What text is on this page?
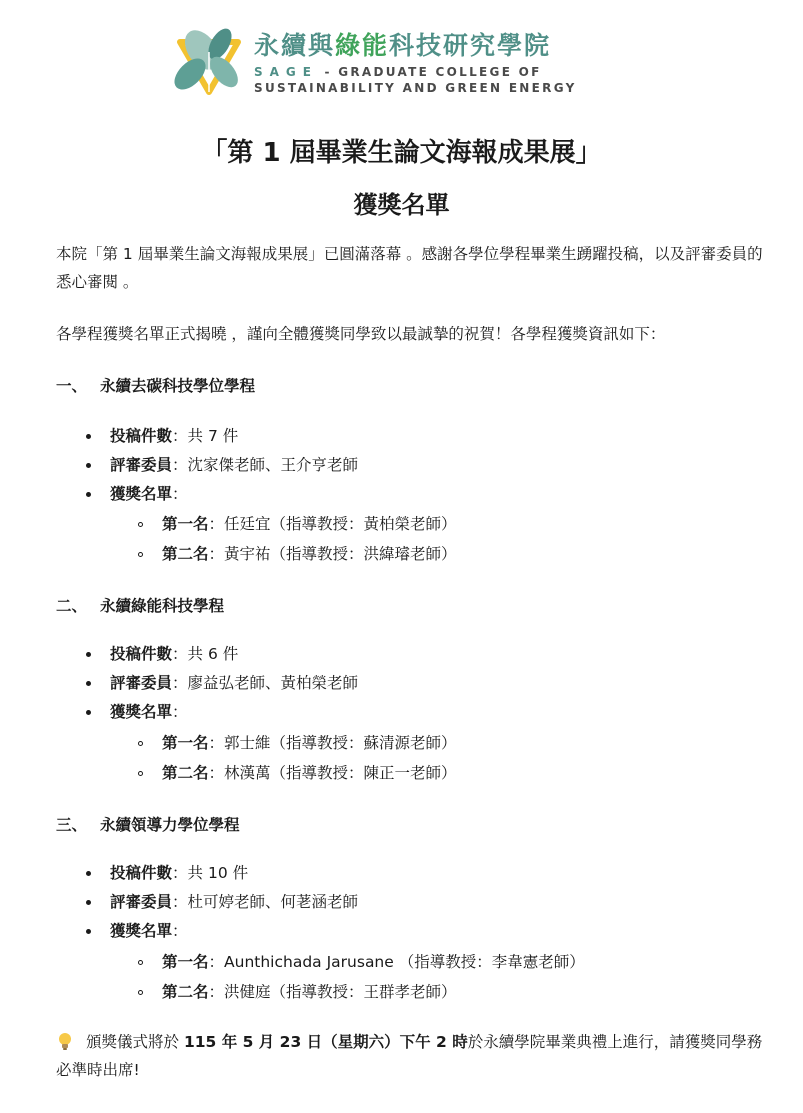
永續與綠能科技研究學院
SAGE - GRADUATE COLLEGE OF
SUSTAINABILITY AND GREEN ENERGY
「第 1 屆畢業生論文海報成果展」
獲獎名單
本院「第 1 屆畢業生論文海報成果展」已圓滿落幕 。感謝各學位學程畢業生踴躍投稿，以及評審委員的悉心審閱 。
各學程獲獎名單正式揭曉 ，謹向全體獲獎同學致以最誠摯的祝賀！各學程獲獎資訊如下：
一、 永續去碳科技學位學程
投稿件數：共 7 件
評審委員：沈家傑老師、王介亨老師
獲獎名單：
第一名：任廷宜（指導教授：黃柏榮老師）
第二名：黃宇祐（指導教授：洪緯璿老師）
二、 永續綠能科技學程
投稿件數：共 6 件
評審委員：廖益弘老師、黃柏榮老師
獲獎名單：
第一名：郭士維（指導教授：蘇清源老師）
第二名：林漢萬（指導教授：陳正一老師）
三、 永續領導力學位學程
投稿件數：共 10 件
評審委員：杜可婷老師、何荖涵老師
獲獎名單：
第一名：Aunthichada Jarusane （指導教授：李韋憲老師）
第二名：洪健庭（指導教授：王群孝老師）
頒獎儀式將於 115 年 5 月 23 日（星期六）下午 2 時於永續學院畢業典禮上進行，請獲獎同學務必準時出席!
